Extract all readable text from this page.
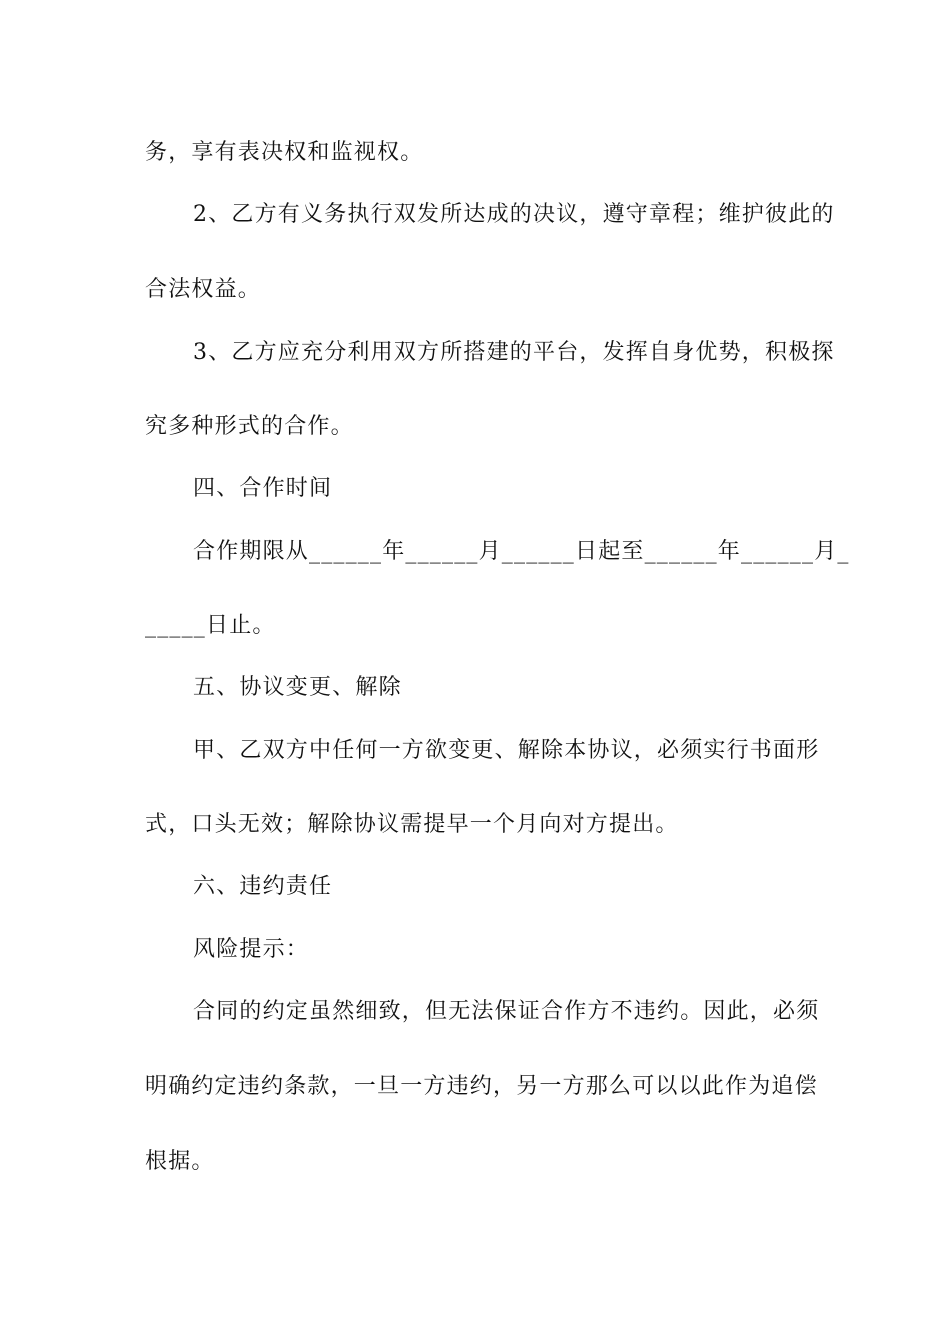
务，享有表决权和监视权。
2、乙方有义务执行双发所达成的决议，遵守章程；维护彼此的
合法权益。
3、乙方应充分利用双方所搭建的平台，发挥自身优势，积极探
究多种形式的合作。
四、合作时间
合作期限从______年______月______日起至______年______月_
_____日止。
五、协议变更、解除
甲、乙双方中任何一方欲变更、解除本协议，必须实行书面形
式，口头无效；解除协议需提早一个月向对方提出。
六、违约责任
风险提示：
合同的约定虽然细致，但无法保证合作方不违约。因此，必须
明确约定违约条款，一旦一方违约，另一方那么可以以此作为追偿
根据。
